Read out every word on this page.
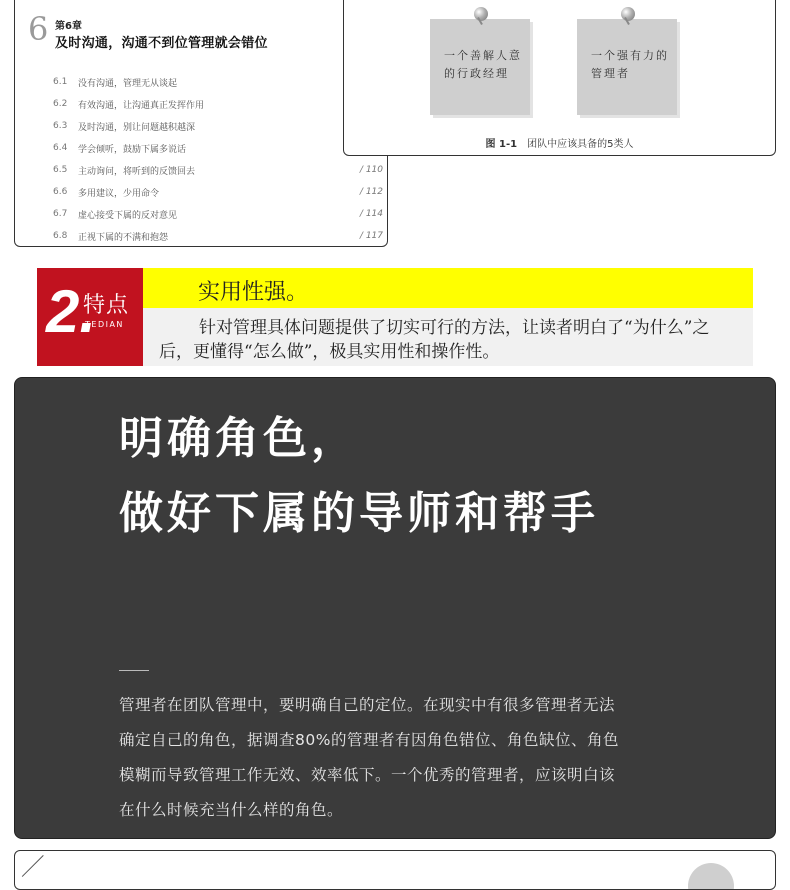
6 第6章
及时沟通，沟通不到位管理就会错位
6.1	没有沟通，管理无从谈起
6.2	有效沟通，让沟通真正发挥作用
6.3	及时沟通，别让问题越积越深
6.4	学会倾听，鼓励下属多说话
6.5	主动询问，将听到的反馈回去	/ 110
6.6	多用建议，少用命令	/ 112
6.7	虚心接受下属的反对意见	/ 114
6.8	正视下属的不满和抱怨	/ 117
一个善解人意的行政经理
一个强有力的管理者
图 1-1 团队中应该具备的5类人
2.
特点
TEDIAN
实用性强。
针对管理具体问题提供了切实可行的方法，让读者明白了“为什么”之后，更懂得“怎么做”，极具实用性和操作性。
明确角色，
做好下属的导师和帮手

管理者在团队管理中，要明确自己的定位。在现实中有很多管理者无法确定自己的角色，据调查80%的管理者有因角色错位、角色缺位、角色模糊而导致管理工作无效、效率低下。一个优秀的管理者，应该明白该在什么时候充当什么样的角色。
